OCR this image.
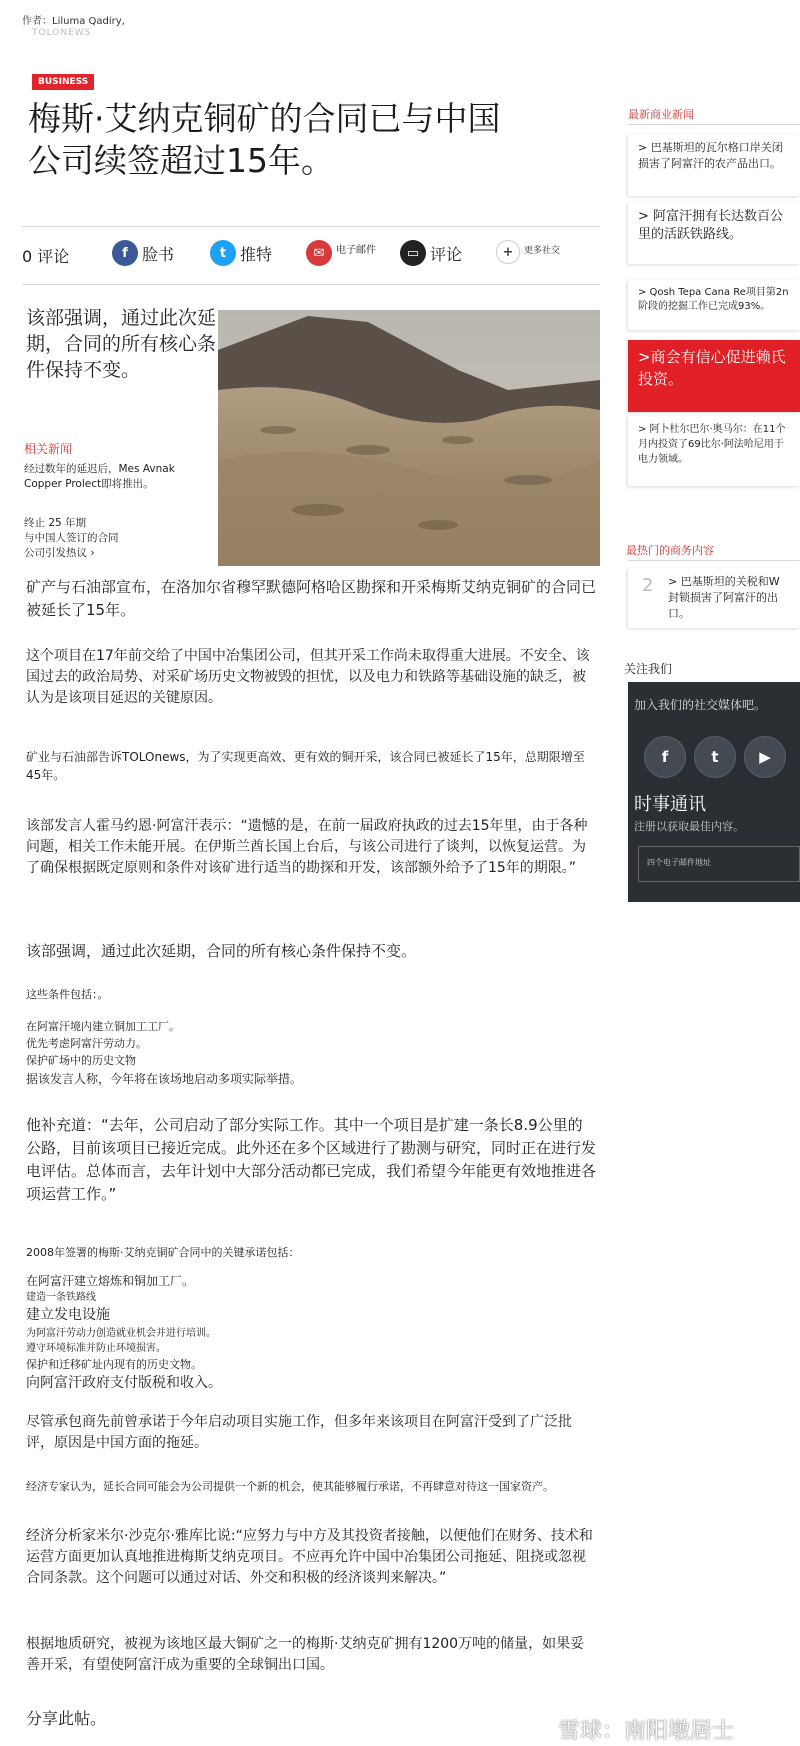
作者：Liluma Qadiry,
TOLONEWS
BUSINESS
梅斯·艾纳克铜矿的合同已与中国
公司续签超过15年。
0 评论	f 脸书	t 推特	✉	电子邮件	▭ 评论	+	更多社交
该部强调，通过此次延期，合同的所有核心条件保持不变。
相关新闻
经过数年的延迟后，Mes Avnak Copper Prolect即将推出。
终止 25 年期
与中国人签订的合同
公司引发热议 ›
矿产与石油部宣布，在洛加尔省穆罕默德阿格哈区勘探和开采梅斯艾纳克铜矿的合同已被延长了15年。
这个项目在17年前交给了中国中冶集团公司，但其开采工作尚未取得重大进展。不安全、该国过去的政治局势、对采矿场历史文物被毁的担忧，以及电力和铁路等基础设施的缺乏，被认为是该项目延迟的关键原因。
矿业与石油部告诉TOLOnews，为了实现更高效、更有效的铜开采，该合同已被延长了15年，总期限增至45年。
该部发言人霍马约恩·阿富汗表示：“遗憾的是，在前一届政府执政的过去15年里，由于各种问题，相关工作未能开展。在伊斯兰酋长国上台后，与该公司进行了谈判，以恢复运营。为了确保根据既定原则和条件对该矿进行适当的勘探和开发，该部额外给予了15年的期限。”
该部强调，通过此次延期，合同的所有核心条件保持不变。
这些条件包括：。
在阿富汗境内建立铜加工工厂。
优先考虑阿富汗劳动力。
保护矿场中的历史文物
据该发言人称，今年将在该场地启动多项实际举措。
他补充道：“去年，公司启动了部分实际工作。其中一个项目是扩建一条长8.9公里的公路，目前该项目已接近完成。此外还在多个区域进行了勘测与研究，同时正在进行发电评估。总体而言，去年计划中大部分活动都已完成，我们希望今年能更有效地推进各项运营工作。”
2008年签署的梅斯·艾纳克铜矿合同中的关键承诺包括：
在阿富汗建立熔炼和铜加工厂。
建造一条铁路线
建立发电设施
为阿富汗劳动力创造就业机会并进行培训。
遵守环境标准并防止环境损害。
保护和迁移矿址内现有的历史文物。
向阿富汗政府支付版税和收入。
尽管承包商先前曾承诺于今年启动项目实施工作，但多年来该项目在阿富汗受到了广泛批评，原因是中国方面的拖延。
经济专家认为，延长合同可能会为公司提供一个新的机会，使其能够履行承诺，不再肆意对待这一国家资产。
经济分析家米尔·沙克尔·雅库比说:“应努力与中方及其投资者接触，以便他们在财务、技术和运营方面更加认真地推进梅斯艾纳克项目。不应再允许中国中冶集团公司拖延、阻挠或忽视合同条款。这个问题可以通过对话、外交和积极的经济谈判来解决。”
根据地质研究，被视为该地区最大铜矿之一的梅斯·艾纳克矿拥有1200万吨的储量，如果妥善开采，有望使阿富汗成为重要的全球铜出口国。
分享此帖。
最新商业新闻
> 巴基斯坦的瓦尔格口岸关闭损害了阿富汗的农产品出口。
> 阿富汗拥有长达数百公里的活跃铁路线。
> Qosh Tepa Cana Re项目第2n阶段的挖掘工作已完成93%。
>商会有信心促进赖氏投资。
> 阿卜杜尔巴尔·奥马尔：在11个月内投资了69比尔·阿法哈尼用于电力领域。
最热门的商务内容
2 > 巴基斯坦的关税和W封锁损害了阿富汗的出口。
关注我们
加入我们的社交媒体吧。
f	t	▶
时事通讯
注册以获取最佳内容。
四个电子邮件地址
雪球：南阳墩居士
